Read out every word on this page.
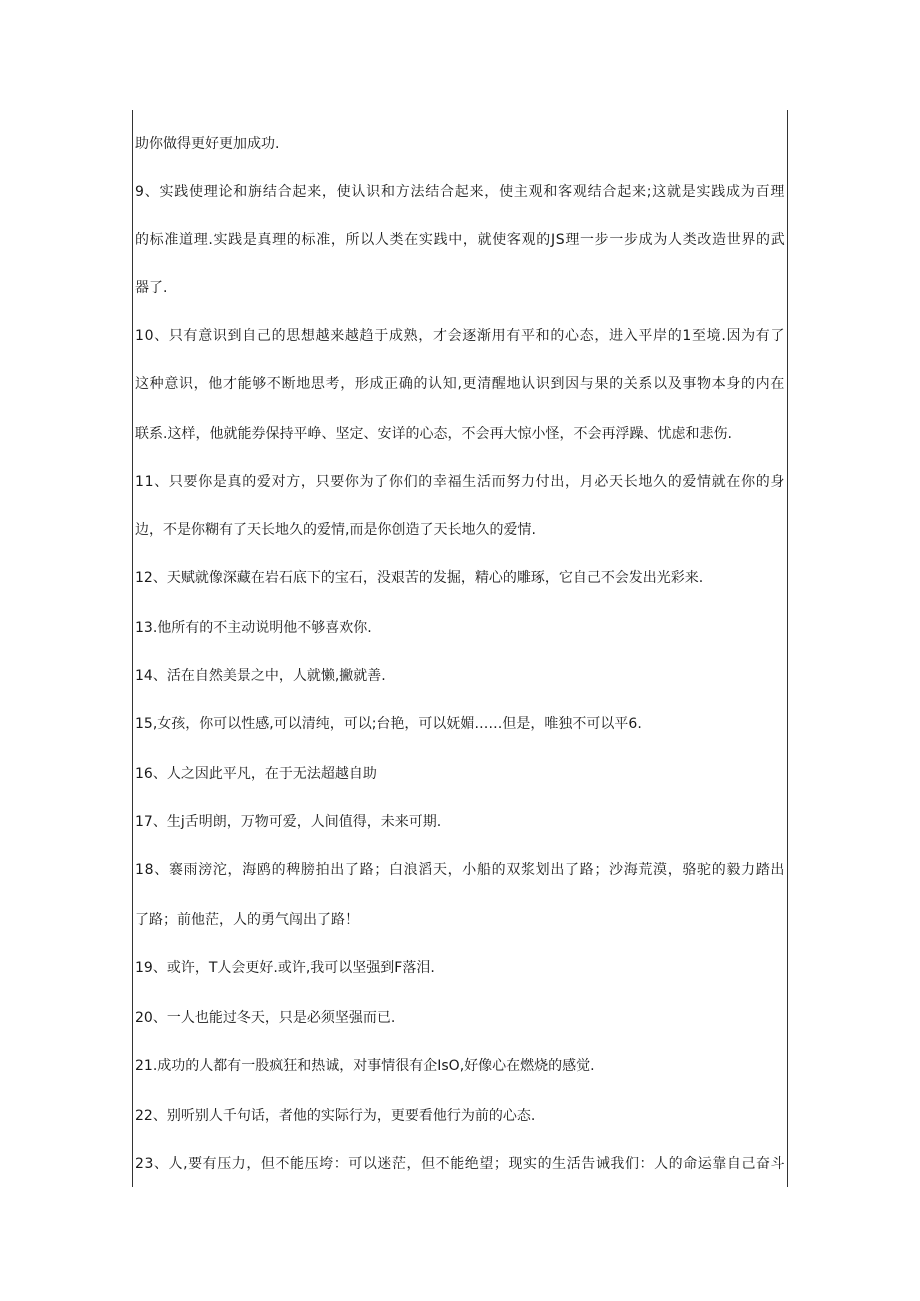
助你做得更好更加成功.
9 、 实 践 使 理 论 和 旃 结 合 起 来 ， 使 认 识 和 方 法 结 合 起 来 ， 使 主 观 和 客 观 结 合 起 来 ; 这 就 是 实 践 成 为 百 理
的 标 准 道 理 . 实 践 是 真 理 的 标 准 ， 所 以 人 类 在 实 践 中 ， 就 使 客 观 的 J S 理 一 步 一 步 成 为 人 类 改 造 世 界 的 武
器了.
1 0 、 只 有 意 识 到 自 己 的 思 想 越 来 越 趋 于 成 熟 ， 才 会 逐 渐 用 有 平 和 的 心 态 ， 进 入 平 岸 的 1 至 境 . 因 为 有 了
这 种 意 识 ， 他 才 能 够 不 断 地 思 考 ， 形 成 正 确 的 认 知 , 更 清 醒 地 认 识 到 因 与 果 的 关 系 以 及 事 物 本 身 的 内 在
联系.这样，他就能券保持平峥、坚定、安详的心态，不会再大惊小怪，不会再浮躁、忧虑和悲伤.
1 1 、 只 要 你 是 真 的 爱 对 方 ， 只 要 你 为 了 你 们 的 幸 福 生 活 而 努 力 付 出 ， 月 必 天 长 地 久 的 爱 情 就 在 你 的 身
边，不是你糊有了天长地久的爱情,而是你创造了天长地久的爱情.
12、天赋就像深藏在岩石底下的宝石，没艰苦的发掘，精心的雕琢，它自己不会发出光彩来.
13.他所有的不主动说明他不够喜欢你.
14、活在自然美景之中，人就懒,撇就善.
15,女孩，你可以性感,可以清纯，可以;台艳，可以妩媚……但是，唯独不可以平6.
16、人之因此平凡，在于无法超越自助
17、生j舌明朗，万物可爱，人间值得，未来可期.
1 8 、 褰 雨 滂 沱 ， 海 鸥 的 稗 膀 拍 出 了 路 ； 白 浪 滔 天 ， 小 船 的 双 浆 划 出 了 路 ； 沙 海 荒 漠 ， 骆 驼 的 毅 力 踏 出
了路；前他茫，人的勇气闯出了路！
19、或许，T人会更好.或许,我可以坚强到F落泪.
20、一人也能过冬天，只是必须坚强而已.
21.成功的人都有一股疯狂和热诚，对事情很有企IsO,好像心在燃烧的感觉.
22、别听别人千句话，者他的实际行为，更要看他行为前的心态.
2 3 、 人 , 要 有 压 力 ， 但 不 能 压 垮 ： 可 以 迷 茫 ， 但 不 能 绝 望 ； 现 实 的 生 活 告 诫 我 们 ： 人 的 命 运 靠 自 己 奋 斗
